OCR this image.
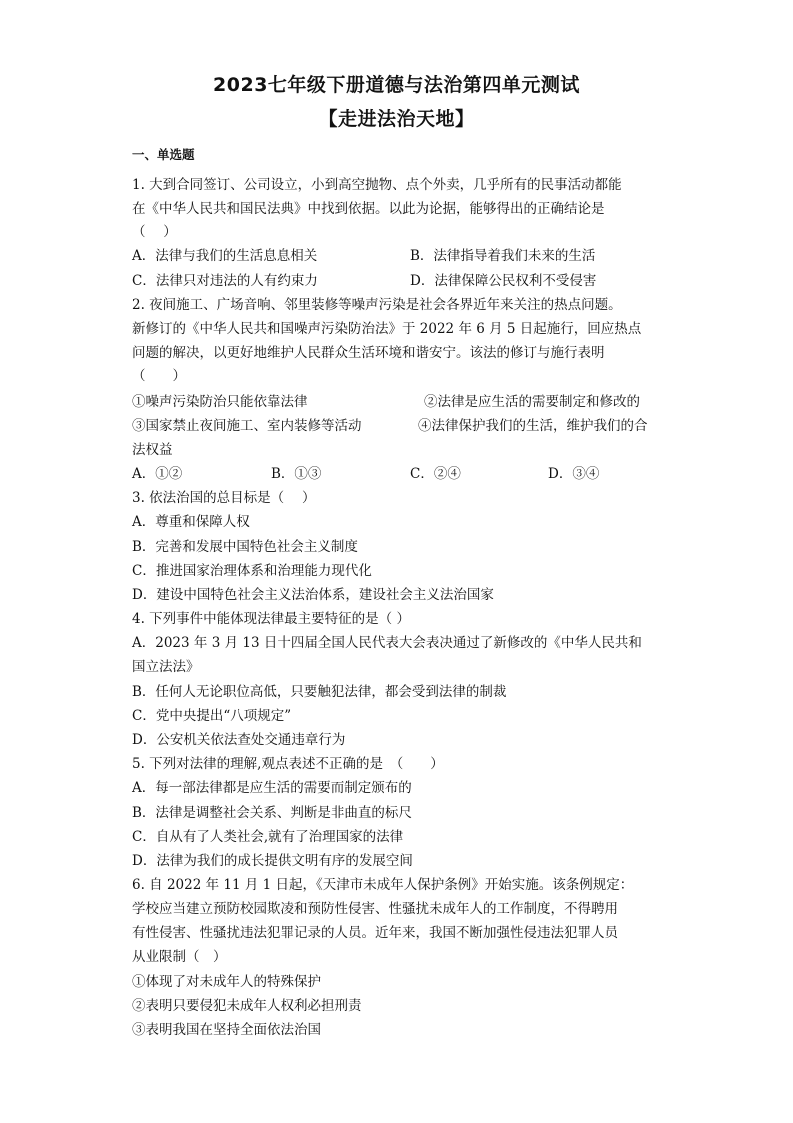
2023七年级下册道德与法治第四单元测试
【走进法治天地】
一、单选题
1. 大到合同签订、公司设立，小到高空抛物、点个外卖，几乎所有的民事活动都能
在《中华人民共和国民法典》中找到依据。以此为论据，能够得出的正确结论是
（　 ）
A．法律与我们的生活息息相关	B．法律指导着我们未来的生活
C．法律只对违法的人有约束力	D．法律保障公民权利不受侵害
2. 夜间施工、广场音响、邻里装修等噪声污染是社会各界近年来关注的热点问题。
新修订的《中华人民共和国噪声污染防治法》于 2022 年 6 月 5 日起施行，回应热点
问题的解决，以更好地维护人民群众生活环境和谐安宁。该法的修订与施行表明
（　　）
①噪声污染防治只能依靠法律	②法律是应生活的需要制定和修改的
③国家禁止夜间施工、室内装修等活动	④法律保护我们的生活，维护我们的合
法权益
A．①②	B．①③	C．②④	D．③④
3. 依法治国的总目标是（　 ）
A．尊重和保障人权
B．完善和发展中国特色社会主义制度
C．推进国家治理体系和治理能力现代化
D．建设中国特色社会主义法治体系，建设社会主义法治国家
4. 下列事件中能体现法律最主要特征的是（ ）
A．2023 年 3 月 13 日十四届全国人民代表大会表决通过了新修改的《中华人民共和
国立法法》
B．任何人无论职位高低，只要触犯法律，都会受到法律的制裁
C．党中央提出“八项规定”
D．公安机关依法查处交通违章行为
5. 下列对法律的理解,观点表述不正确的是　（　　）
A．每一部法律都是应生活的需要而制定颁布的
B．法律是调整社会关系、判断是非曲直的标尺
C．自从有了人类社会,就有了治理国家的法律
D．法律为我们的成长提供文明有序的发展空间
6. 自 2022 年 11 月 1 日起，《天津市未成年人保护条例》开始实施。该条例规定：
学校应当建立预防校园欺凌和预防性侵害、性骚扰未成年人的工作制度，不得聘用
有性侵害、性骚扰违法犯罪记录的人员。近年来，我国不断加强性侵违法犯罪人员
从业限制（　）
①体现了对未成年人的特殊保护
②表明只要侵犯未成年人权利必担刑责
③表明我国在坚持全面依法治国
